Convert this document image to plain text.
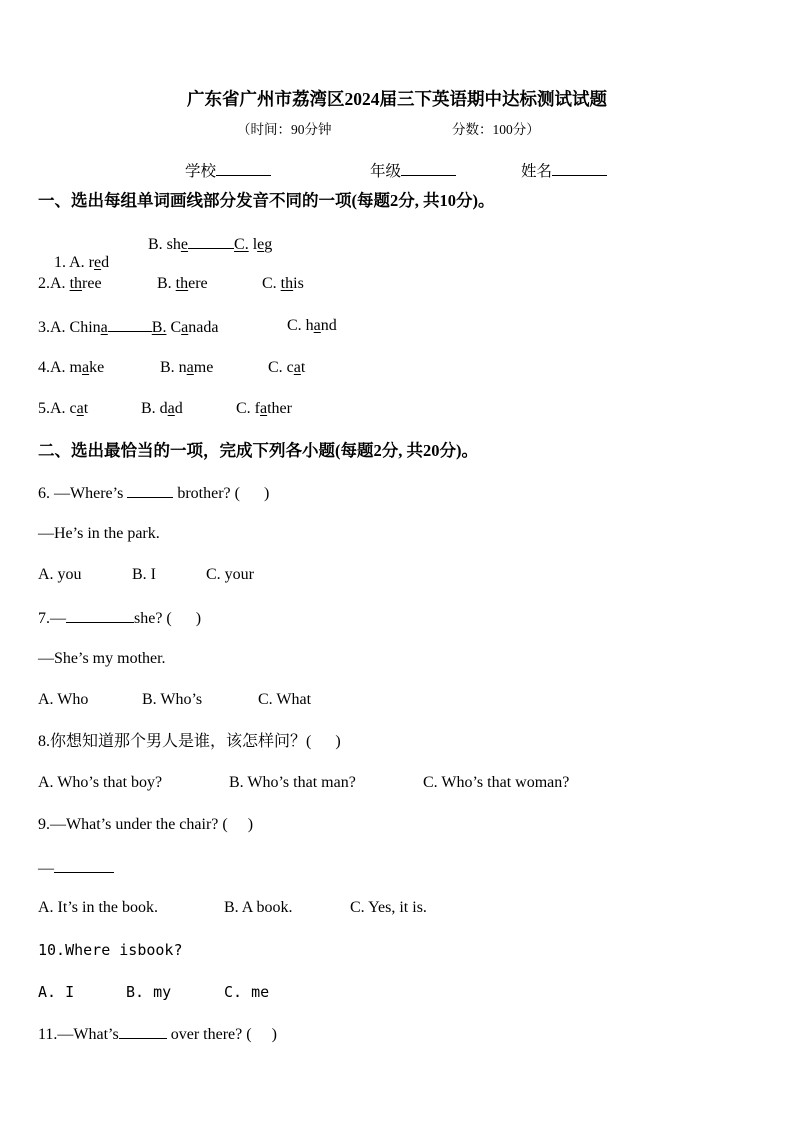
广东省广州市荔湾区2024届三下英语期中达标测试试题
（时间：90分钟	分数：100分）
学校	年级	姓名
一、选出每组单词画线部分发音不同的一项(每题2分, 共10分)。

1. A. red

B. she	C. leg
2.A. three	B. there	C. this
3.A. China	B. Canada	C. hand
4.A. make	B. name	C. cat
5.A. cat	B. dad	C. father
二、选出最恰当的一项，完成下列各小题(每题2分, 共20分)。
6. —Where’s	brother? (      )
—He’s in the park.
A. you	B. I	C. your
7.—	she? (      )
—She’s my mother.
A. Who	B. Who’s	C. What
8.你想知道那个男人是谁，该怎样问？(      )
A. Who’s that boy?	B. Who’s that man?	C. Who’s that woman?
9.—What’s under the chair? (     )
—
A. It’s in the book.	B. A book.	C. Yes, it is.
10.Where isbook?
A. I	B. my	C. me
11.—What’s	over there? (     )
